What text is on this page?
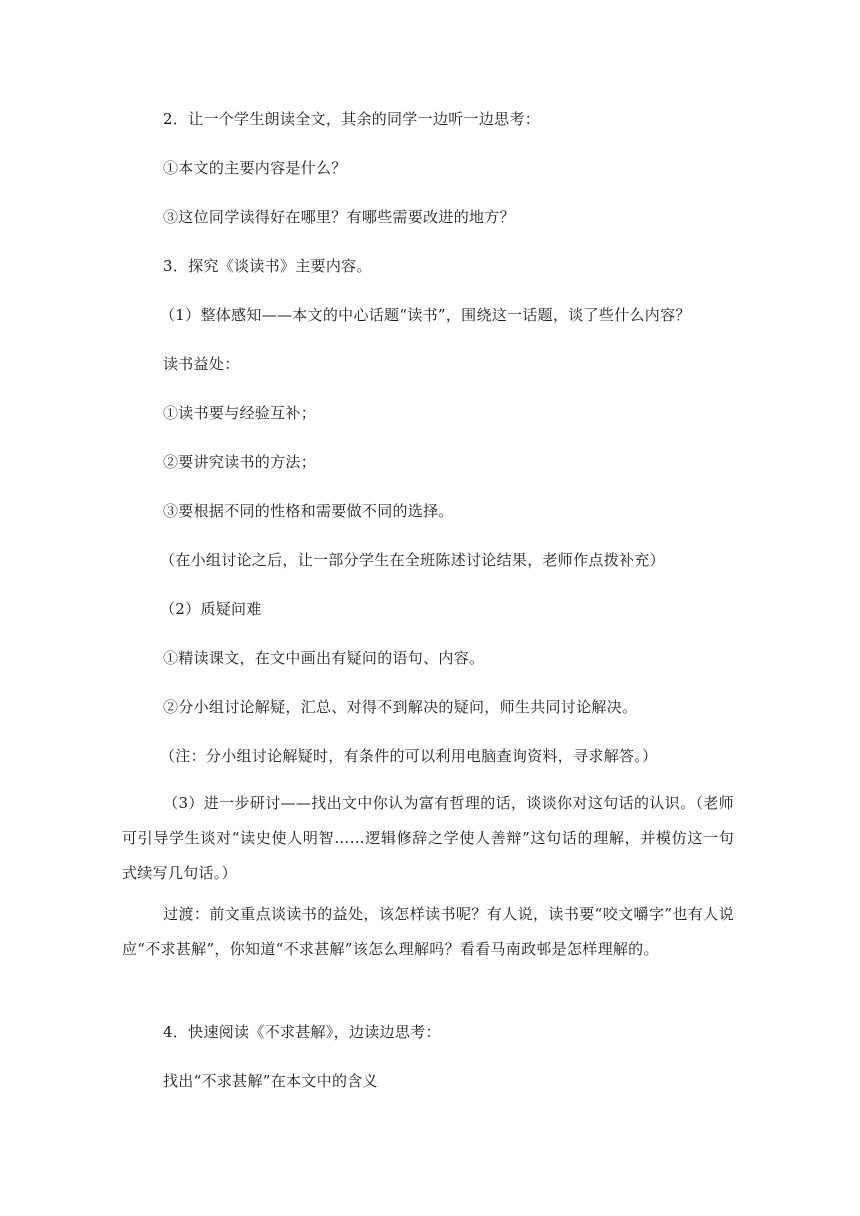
2．让一个学生朗读全文，其余的同学一边听一边思考：
①本文的主要内容是什么？
③这位同学读得好在哪里？有哪些需要改进的地方？
3．探究《谈读书》主要内容。
（1）整体感知——本文的中心话题“读书”，围绕这一话题，谈了些什么内容？
读书益处：
①读书要与经验互补；
②要讲究读书的方法；
③要根据不同的性格和需要做不同的选择。
（在小组讨论之后，让一部分学生在全班陈述讨论结果，老师作点拨补充）
（2）质疑问难
①精读课文，在文中画出有疑问的语句、内容。
②分小组讨论解疑，汇总、对得不到解决的疑问，师生共同讨论解决。
（注：分小组讨论解疑时，有条件的可以利用电脑查询资料，寻求解答。）
（3）进一步研讨——找出文中你认为富有哲理的话，谈谈你对这句话的认识。（老师可引导学生谈对“读史使人明智……逻辑修辞之学使人善辩”这句话的理解，并模仿这一句式续写几句话。）
过渡：前文重点谈读书的益处，该怎样读书呢？有人说，读书要“咬文嚼字”也有人说应“不求甚解”，你知道“不求甚解”该怎么理解吗？看看马南政邨是怎样理解的。
4．快速阅读《不求甚解》，边读边思考：
找出“不求甚解”在本文中的含义
